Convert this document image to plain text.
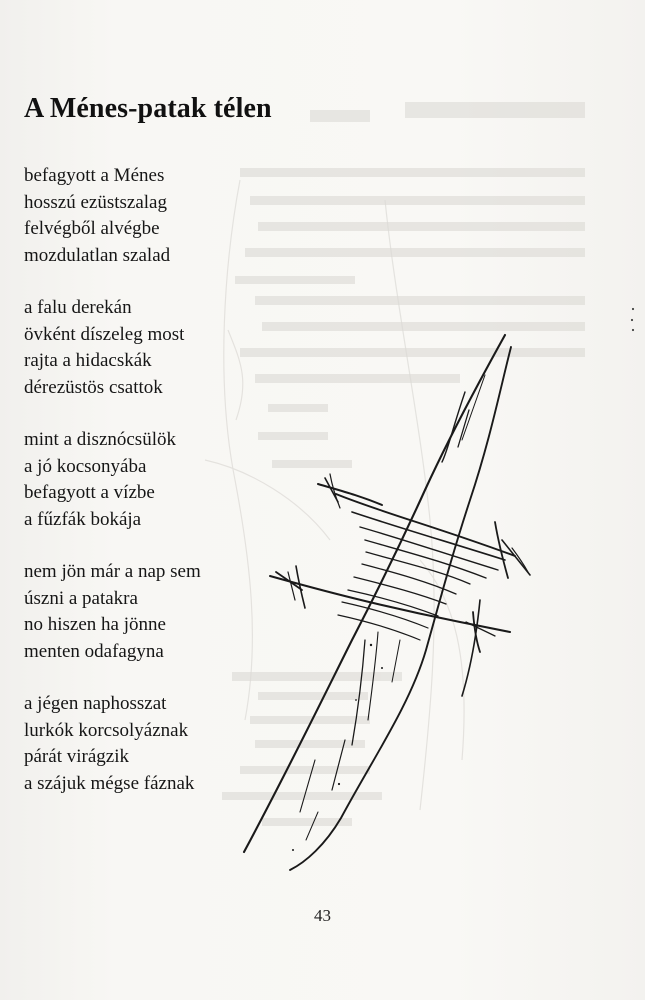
A Ménes-patak télen
befagyott a Ménes
hosszú ezüstszalag
felvégből alvégbe
mozdulatlan szalad
a falu derekán
övként díszeleg most
rajta a hidacskák
dérezüstös csattok
mint a disznócsülök
a jó kocsonyába
befagyott a vízbe
a fűzfák bokája
nem jön már a nap sem
úszni a patakra
no hiszen ha jönne
menten odafagyna
a jégen naphosszat
lurkók korcsolyáznak
párát virágzik
a szájuk mégse fáznak
43
